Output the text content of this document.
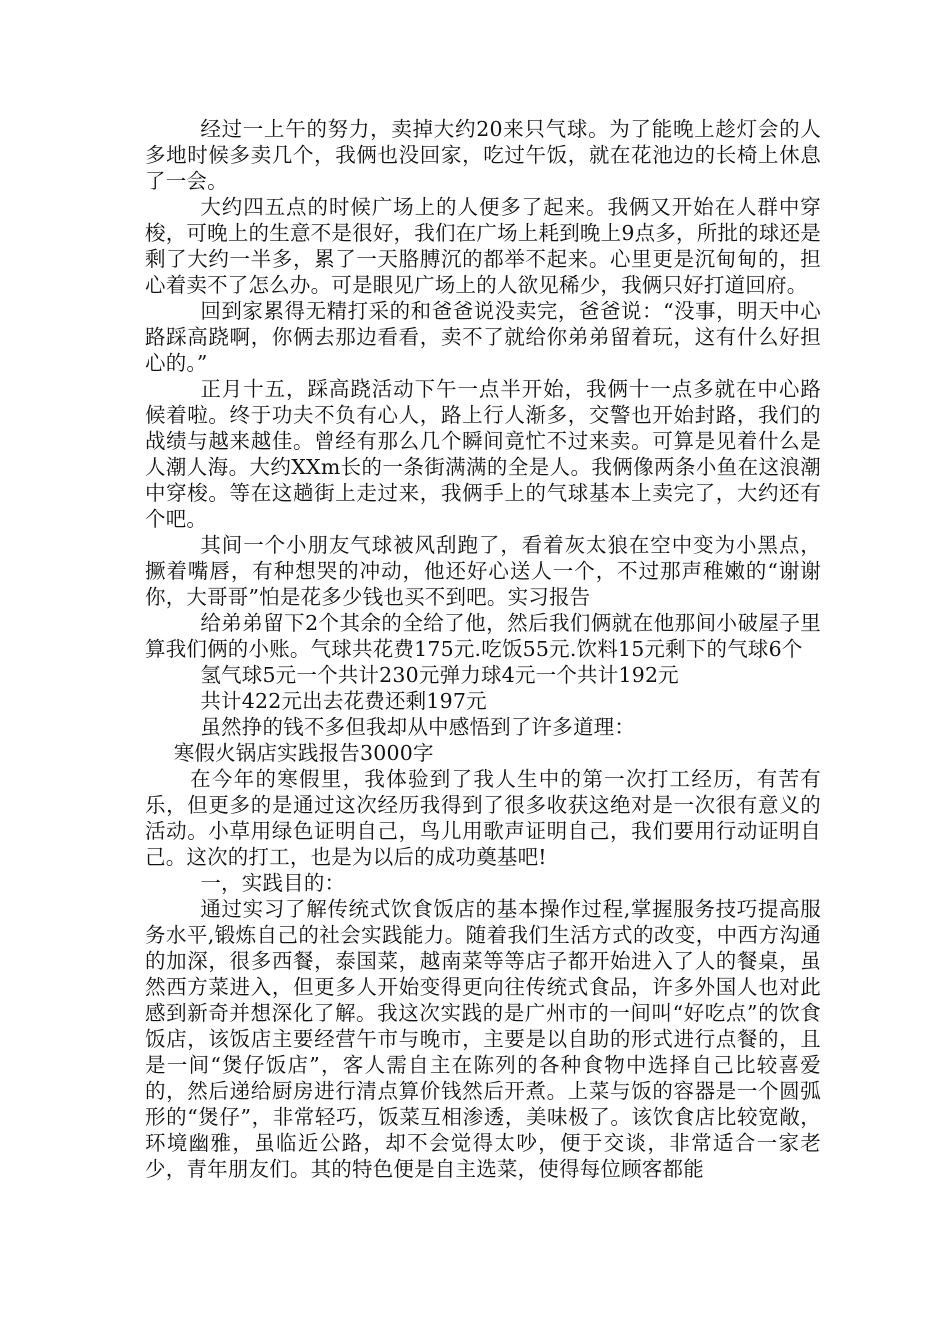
经过一上午的努力，卖掉大约20来只气球。为了能晚上趁灯会的人多地时候多卖几个，我俩也没回家，吃过午饭，就在花池边的长椅上休息了一会。

大约四五点的时候广场上的人便多了起来。我俩又开始在人群中穿梭，可晚上的生意不是很好，我们在广场上耗到晚上9点多，所批的球还是剩了大约一半多，累了一天胳膊沉的都举不起来。心里更是沉甸甸的，担心着卖不了怎么办。可是眼见广场上的人欲见稀少，我俩只好打道回府。

回到家累得无精打采的和爸爸说没卖完，爸爸说：“没事，明天中心路踩高跷啊，你俩去那边看看，卖不了就给你弟弟留着玩，这有什么好担心的。”

正月十五，踩高跷活动下午一点半开始，我俩十一点多就在中心路候着啦。终于功夫不负有心人，路上行人渐多，交警也开始封路，我们的战绩与越来越佳。曾经有那么几个瞬间竟忙不过来卖。可算是见着什么是人潮人海。大约XXm长的一条街满满的全是人。我俩像两条小鱼在这浪潮中穿梭。等在这趟街上走过来，我俩手上的气球基本上卖完了，大约还有个吧。

其间一个小朋友气球被风刮跑了，看着灰太狼在空中变为小黑点，撅着嘴唇，有种想哭的冲动，他还好心送人一个，不过那声稚嫩的“谢谢你，大哥哥”怕是花多少钱也买不到吧。实习报告

给弟弟留下2个其余的全给了他，然后我们俩就在他那间小破屋子里算我们俩的小账。气球共花费175元.吃饭55元.饮料15元剩下的气球6个

氢气球5元一个共计230元弹力球4元一个共计192元

共计422元出去花费还剩197元

虽然挣的钱不多但我却从中感悟到了许多道理：

寒假火锅店实践报告3000字

在今年的寒假里，我体验到了我人生中的第一次打工经历，有苦有乐，但更多的是通过这次经历我得到了很多收获这绝对是一次很有意义的活动。小草用绿色证明自己，鸟儿用歌声证明自己，我们要用行动证明自己。这次的打工，也是为以后的成功奠基吧!

一，实践目的：

通过实习了解传统式饮食饭店的基本操作过程,掌握服务技巧提高服务水平,锻炼自己的社会实践能力。随着我们生活方式的改变，中西方沟通的加深，很多西餐，泰国菜，越南菜等等店子都开始进入了人的餐桌，虽然西方菜进入，但更多人开始变得更向往传统式食品，许多外国人也对此感到新奇并想深化了解。我这次实践的是广州市的一间叫“好吃点”的饮食饭店，该饭店主要经营午市与晚市，主要是以自助的形式进行点餐的，且是一间“煲仔饭店”，客人需自主在陈列的各种食物中选择自己比较喜爱的，然后递给厨房进行清点算价钱然后开煮。上菜与饭的容器是一个圆弧形的“煲仔”，非常轻巧，饭菜互相渗透，美味极了。该饮食店比较宽敞，环境幽雅，虽临近公路，却不会觉得太吵，便于交谈，非常适合一家老少，青年朋友们。其的特色便是自主选菜，使得每位顾客都能
